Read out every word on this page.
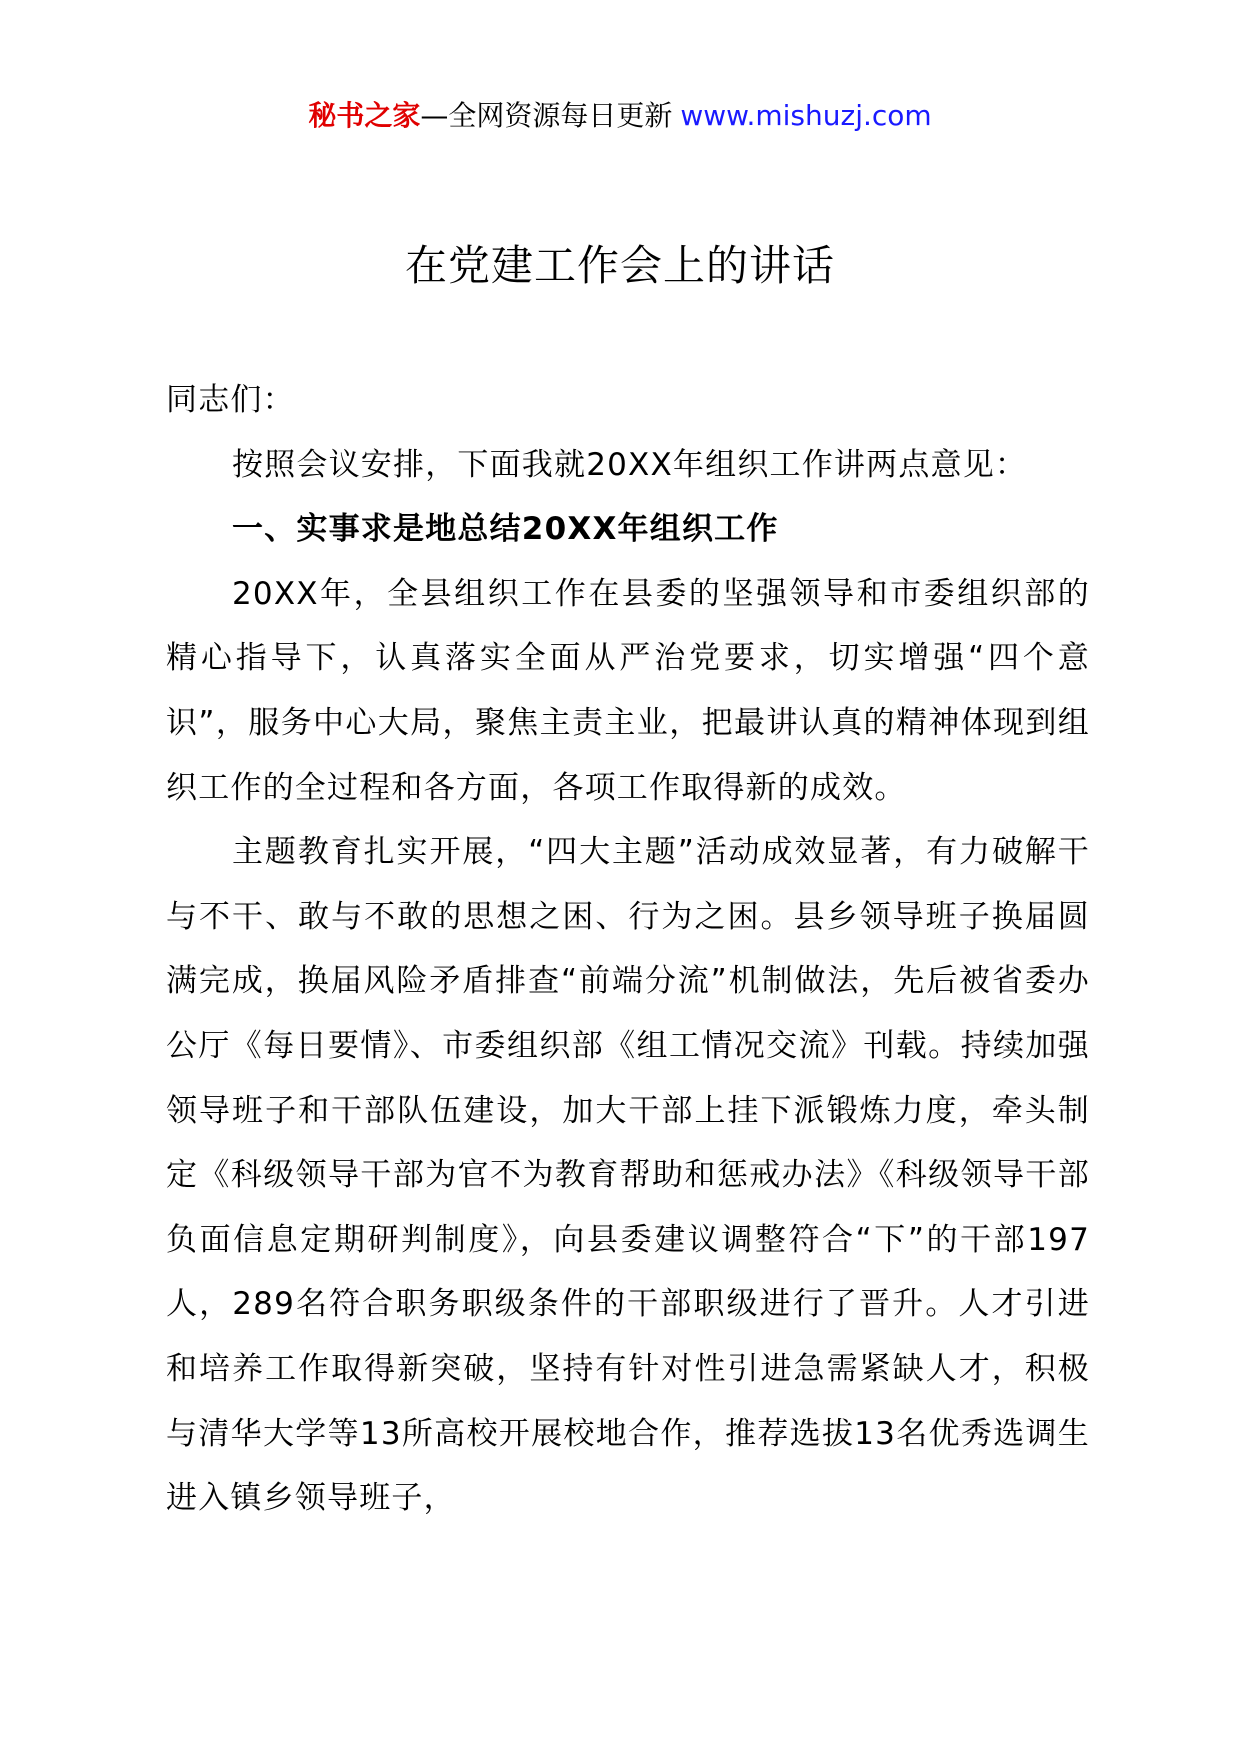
秘书之家—全网资源每日更新 www.mishuzj.com
在党建工作会上的讲话

同志们：

按照会议安排，下面我就20XX年组织工作讲两点意见：

一、实事求是地总结20XX年组织工作

20XX年，全县组织工作在县委的坚强领导和市委组织部的精心指导下，认真落实全面从严治党要求，切实增强“四个意识”，服务中心大局，聚焦主责主业，把最讲认真的精神体现到组织工作的全过程和各方面，各项工作取得新的成效。

主题教育扎实开展，“四大主题”活动成效显著，有力破解干与不干、敢与不敢的思想之困、行为之困。县乡领导班子换届圆满完成，换届风险矛盾排查“前端分流”机制做法，先后被省委办公厅《每日要情》、市委组织部《组工情况交流》刊载。持续加强领导班子和干部队伍建设，加大干部上挂下派锻炼力度，牵头制定《科级领导干部为官不为教育帮助和惩戒办法》《科级领导干部负面信息定期研判制度》，向县委建议调整符合“下”的干部197人，289名符合职务职级条件的干部职级进行了晋升。人才引进和培养工作取得新突破，坚持有针对性引进急需紧缺人才，积极与清华大学等13所高校开展校地合作，推荐选拔13名优秀选调生进入镇乡领导班子，
